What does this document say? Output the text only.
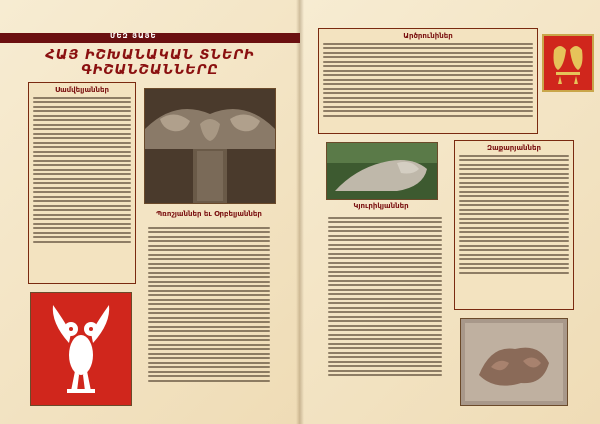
ՄԵԶ ՅԱՅԵ
ՀԱՅ ԻՇԽԱՆԱԿԱՆ ՏՆԵՐԻ ԳԻՇԱՆՇԱՆՆԵՐԸ
Սամվելյաններ
Պռոշյաններ եւ Օրբելյաններ
Արծրունիներ
Կյուրիկյաններ
Զաքարյաններ
